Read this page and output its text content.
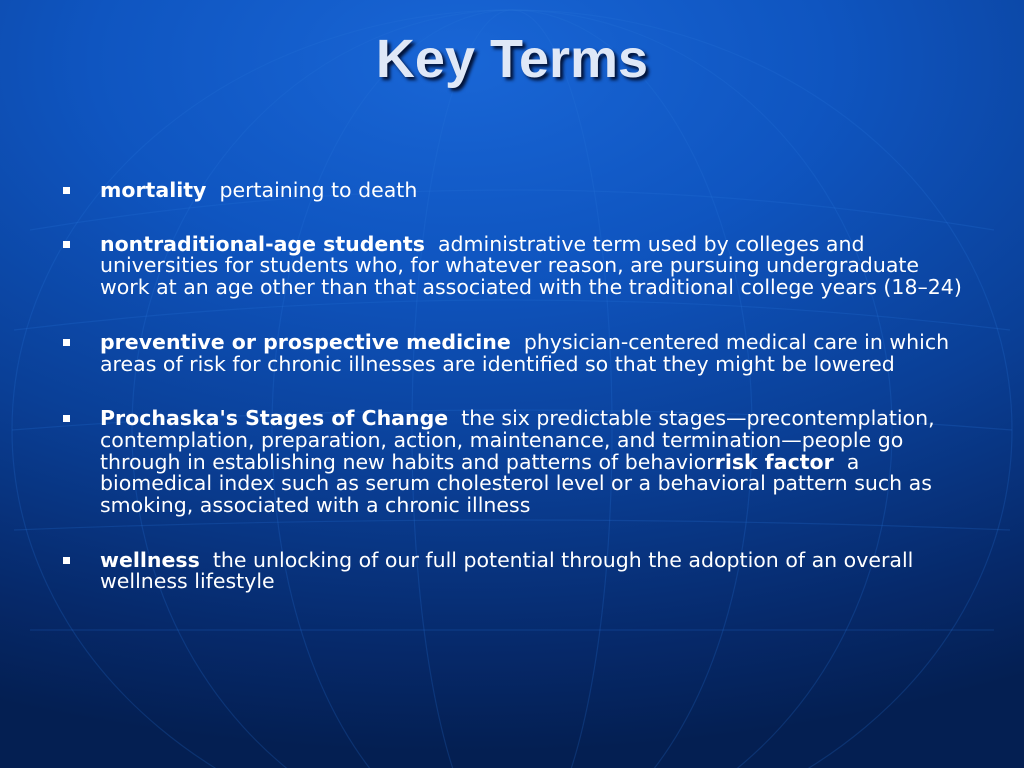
Key Terms
mortality pertaining to death
nontraditional-age students administrative term used by colleges and universities for students who, for whatever reason, are pursuing undergraduate work at an age other than that associated with the traditional college years (18–24)
preventive or prospective medicine physician-centered medical care in which areas of risk for chronic illnesses are identified so that they might be lowered
Prochaska's Stages of Change the six predictable stages—precontemplation, contemplation, preparation, action, maintenance, and termination—people go through in establishing new habits and patterns of behaviorrisk factor a biomedical index such as serum cholesterol level or a behavioral pattern such as smoking, associated with a chronic illness
wellness the unlocking of our full potential through the adoption of an overall wellness lifestyle
